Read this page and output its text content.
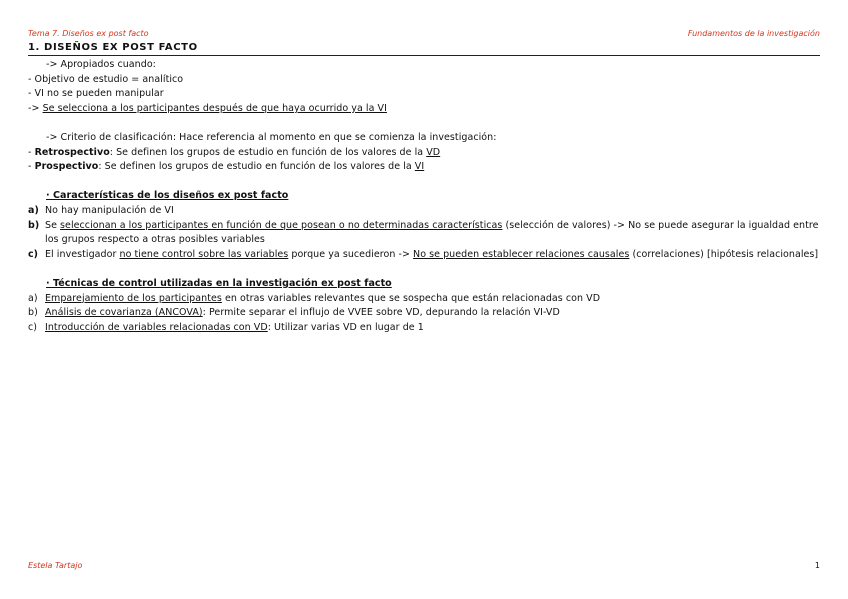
Tema 7. Diseños ex post facto	Fundamentos de la investigación
1. DISEÑOS EX POST FACTO
-> Apropiados cuando:
- Objetivo de estudio = analítico
- VI no se pueden manipular
-> Se selecciona a los participantes después de que haya ocurrido ya la VI
-> Criterio de clasificación: Hace referencia al momento en que se comienza la investigación:
- Retrospectivo: Se definen los grupos de estudio en función de los valores de la VD
- Prospectivo: Se definen los grupos de estudio en función de los valores de la VI
· Características de los diseños ex post facto
a) No hay manipulación de VI
b) Se seleccionan a los participantes en función de que posean o no determinadas características (selección de valores) -> No se puede asegurar la igualdad entre los grupos respecto a otras posibles variables
c) El investigador no tiene control sobre las variables porque ya sucedieron -> No se pueden establecer relaciones causales (correlaciones) [hipótesis relacionales]
· Técnicas de control utilizadas en la investigación ex post facto
a) Emparejamiento de los participantes en otras variables relevantes que se sospecha que están relacionadas con VD
b) Análisis de covarianza (ANCOVA): Permite separar el influjo de VVEE sobre VD, depurando la relación VI-VD
c) Introducción de variables relacionadas con VD: Utilizar varias VD en lugar de 1
Estela Tartajo	1
